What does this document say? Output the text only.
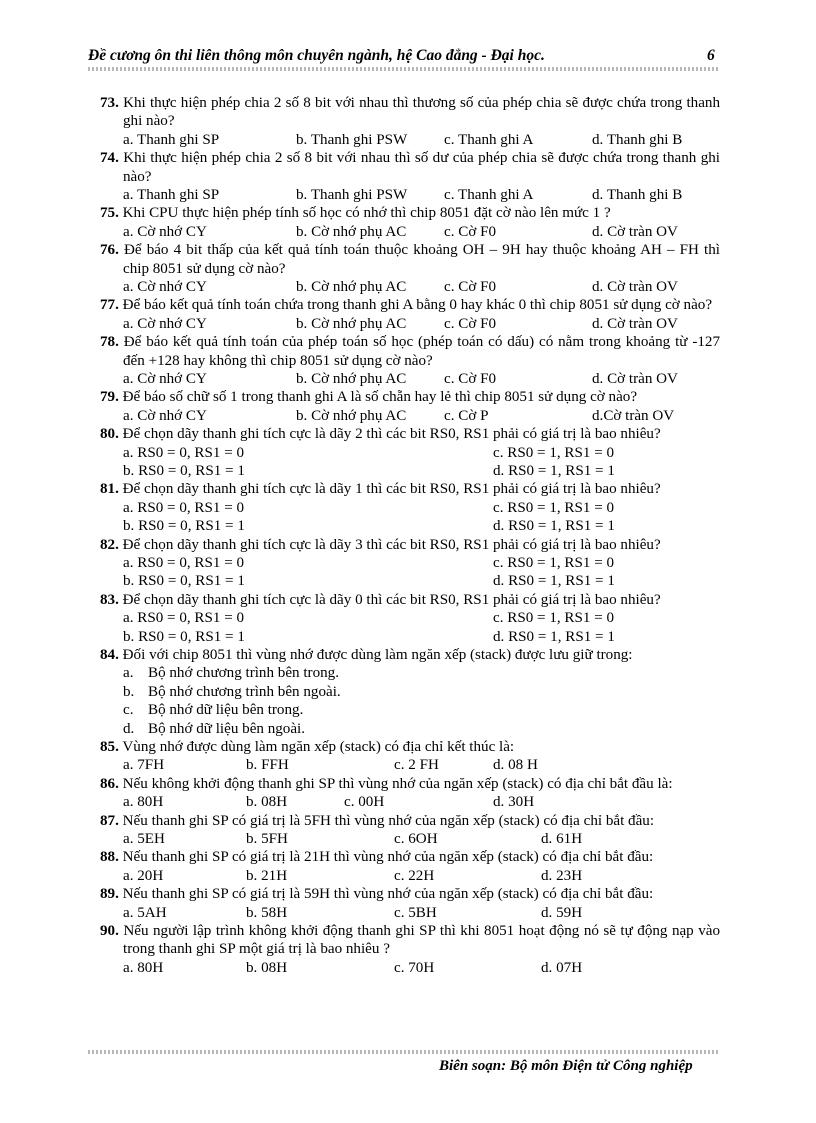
Đề cương ôn thi liên thông môn chuyên ngành, hệ Cao đẳng - Đại học.	6
73. Khi thực hiện phép chia 2 số 8 bit với nhau thì thương số của phép chia sẽ được chứa trong thanh ghi nào?
a. Thanh ghi SP	b. Thanh ghi PSW c. Thanh ghi A	d. Thanh ghi B
74. Khi thực hiện phép chia 2 số 8 bit với nhau thì số dư của phép chia sẽ được chứa trong thanh ghi nào?
a. Thanh ghi SP	b. Thanh ghi PSW c. Thanh ghi A	d. Thanh ghi B
75. Khi CPU thực hiện phép tính số học có nhớ thì chip 8051 đặt cờ nào lên mức 1 ?
a. Cờ nhớ CY	b. Cờ nhớ phụ AC c. Cờ F0	d. Cờ tràn OV
76. Để báo 4 bit thấp của kết quả tính toán thuộc khoảng OH – 9H hay thuộc khoảng AH – FH thì chip 8051 sử dụng cờ nào?
a. Cờ nhớ CY	b. Cờ nhớ phụ AC c. Cờ F0	d. Cờ tràn OV
77. Để báo kết quả tính toán chứa trong thanh ghi A bằng 0 hay khác 0 thì chip 8051 sử dụng cờ nào?
a. Cờ nhớ CY	b. Cờ nhớ phụ AC c. Cờ F0	d. Cờ tràn OV
78. Để báo kết quả tính toán của phép toán số học (phép toán có dấu) có nằm trong khoảng từ -127 đến +128 hay không thì chip 8051 sử dụng cờ nào?
a. Cờ nhớ CY	b. Cờ nhớ phụ AC c. Cờ F0	d. Cờ tràn OV
79. Để báo số chữ số 1 trong thanh ghi A là số chẵn hay lẻ thì chip 8051 sử dụng cờ nào?
a. Cờ nhớ CY	b. Cờ nhớ phụ AC c. Cờ P	d.Cờ tràn OV
80. Để chọn dãy thanh ghi tích cực là dãy 2 thì các bit RS0, RS1 phải có giá trị là bao nhiêu?
a. RS0 = 0, RS1 = 0	c. RS0 = 1, RS1 = 0
b. RS0 = 0, RS1 = 1	d. RS0 = 1, RS1 = 1
81. Để chọn dãy thanh ghi tích cực là dãy 1 thì các bit RS0, RS1 phải có giá trị là bao nhiêu?
a. RS0 = 0, RS1 = 0	c. RS0 = 1, RS1 = 0
b. RS0 = 0, RS1 = 1	d. RS0 = 1, RS1 = 1
82. Để chọn dãy thanh ghi tích cực là dãy 3 thì các bit RS0, RS1 phải có giá trị là bao nhiêu?
a. RS0 = 0, RS1 = 0	c. RS0 = 1, RS1 = 0
b. RS0 = 0, RS1 = 1	d. RS0 = 1, RS1 = 1
83. Để chọn dãy thanh ghi tích cực là dãy 0 thì các bit RS0, RS1 phải có giá trị là bao nhiêu?
a. RS0 = 0, RS1 = 0	c. RS0 = 1, RS1 = 0
b. RS0 = 0, RS1 = 1	d. RS0 = 1, RS1 = 1
84. Đối với chip 8051 thì vùng nhớ được dùng làm ngăn xếp (stack) được lưu giữ trong:
a. Bộ nhớ chương trình bên trong.
b. Bộ nhớ chương trình bên ngoài.
c. Bộ nhớ dữ liệu bên trong.
d. Bộ nhớ dữ liệu bên ngoài.
85. Vùng nhớ được dùng làm ngăn xếp (stack) có địa chỉ kết thúc là:
a. 7FH	b. FFH	c. 2 FH	d. 08 H
86. Nếu không khởi động thanh ghi SP thì vùng nhớ của ngăn xếp (stack) có địa chỉ bắt đầu là:
a. 80H	b. 08H	c. 00H	d. 30H
87. Nếu thanh ghi SP có giá trị là 5FH thì vùng nhớ của ngăn xếp (stack) có địa chỉ bắt đầu:
a. 5EH	b. 5FH	c. 6OH	d. 61H
88. Nếu thanh ghi SP có giá trị là 21H thì vùng nhớ của ngăn xếp (stack) có địa chỉ bắt đầu:
a. 20H	b. 21H	c. 22H	d. 23H
89. Nếu thanh ghi SP có giá trị là 59H thì vùng nhớ của ngăn xếp (stack) có địa chỉ bắt đầu:
a. 5AH	b. 58H	c. 5BH	d. 59H
90. Nếu người lập trình không khởi động thanh ghi SP thì khi 8051 hoạt động nó sẽ tự động nạp vào trong thanh ghi SP một giá trị là bao nhiêu ?
a. 80H	b. 08H	c. 70H	d. 07H
Biên soạn: Bộ môn Điện tử Công nghiệp
